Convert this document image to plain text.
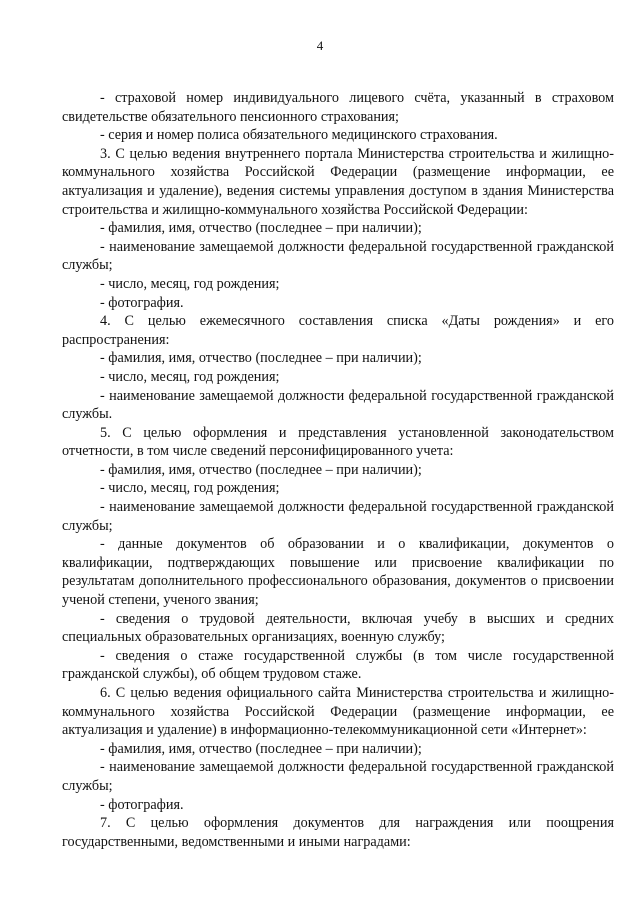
4

- страховой номер индивидуального лицевого счёта, указанный в страховом свидетельстве обязательного пенсионного страхования;

- серия и номер полиса обязательного медицинского страхования.

3. С целью ведения внутреннего портала Министерства строительства и жилищно-коммунального хозяйства Российской Федерации (размещение информации, ее актуализация и удаление), ведения системы управления доступом в здания Министерства строительства и жилищно-коммунального хозяйства Российской Федерации:

- фамилия, имя, отчество (последнее – при наличии);

- наименование замещаемой должности федеральной государственной гражданской службы;

- число, месяц, год рождения;

- фотография.

4. С целью ежемесячного составления списка «Даты рождения» и его распространения:

- фамилия, имя, отчество (последнее – при наличии);

- число, месяц, год рождения;

- наименование замещаемой должности федеральной государственной гражданской службы.

5. С целью оформления и представления установленной законодательством отчетности, в том числе сведений персонифицированного учета:

- фамилия, имя, отчество (последнее – при наличии);

- число, месяц, год рождения;

- наименование замещаемой должности федеральной государственной гражданской службы;

- данные документов об образовании и о квалификации, документов о квалификации, подтверждающих повышение или присвоение квалификации по результатам дополнительного профессионального образования, документов о присвоении ученой степени, ученого звания;

- сведения о трудовой деятельности, включая учебу в высших и средних специальных образовательных организациях, военную службу;

- сведения о стаже государственной службы (в том числе государственной гражданской службы), об общем трудовом стаже.

6. С целью ведения официального сайта Министерства строительства и жилищно-коммунального хозяйства Российской Федерации (размещение информации, ее актуализация и удаление) в информационно-телекоммуникационной сети «Интернет»:

- фамилия, имя, отчество (последнее – при наличии);

- наименование замещаемой должности федеральной государственной гражданской службы;

- фотография.

7. С целью оформления документов для награждения или поощрения государственными, ведомственными и иными наградами:
